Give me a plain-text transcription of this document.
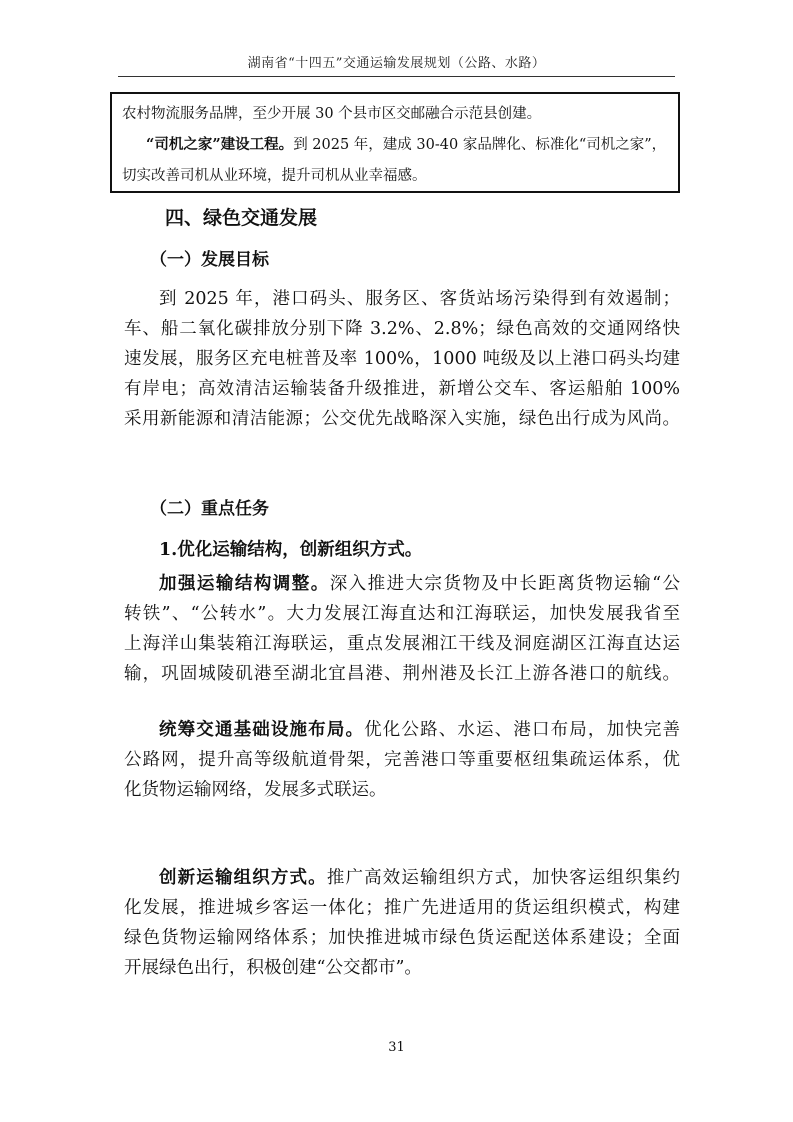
湖南省“十四五”交通运输发展规划（公路、水路）

农村物流服务品牌，至少开展 30 个县市区交邮融合示范县创建。

“司机之家”建设工程。到 2025 年，建成 30-40 家品牌化、标准化“司机之家”，

切实改善司机从业环境，提升司机从业幸福感。

四、绿色交通发展
（一）发展目标
到 2025 年，港口码头、服务区、客货站场污染得到有效遏制；
车、船二氧化碳排放分别下降 3.2%、2.8%；绿色高效的交通网络快
速发展，服务区充电桩普及率 100%，1000 吨级及以上港口码头均建
有岸电；高效清洁运输装备升级推进，新增公交车、客运船舶 100%
采用新能源和清洁能源；公交优先战略深入实施，绿色出行成为风尚。
（二）重点任务
1.优化运输结构，创新组织方式。
加强运输结构调整。深入推进大宗货物及中长距离货物运输“公
转铁”、“公转水”。大力发展江海直达和江海联运，加快发展我省至
上海洋山集装箱江海联运，重点发展湘江干线及洞庭湖区江海直达运
输，巩固城陵矶港至湖北宜昌港、荆州港及长江上游各港口的航线。
统筹交通基础设施布局。优化公路、水运、港口布局，加快完善
公路网，提升高等级航道骨架，完善港口等重要枢纽集疏运体系，优
化货物运输网络，发展多式联运。
创新运输组织方式。推广高效运输组织方式，加快客运组织集约
化发展，推进城乡客运一体化；推广先进适用的货运组织模式，构建
绿色货物运输网络体系；加快推进城市绿色货运配送体系建设；全面
开展绿色出行，积极创建“公交都市”。
31
